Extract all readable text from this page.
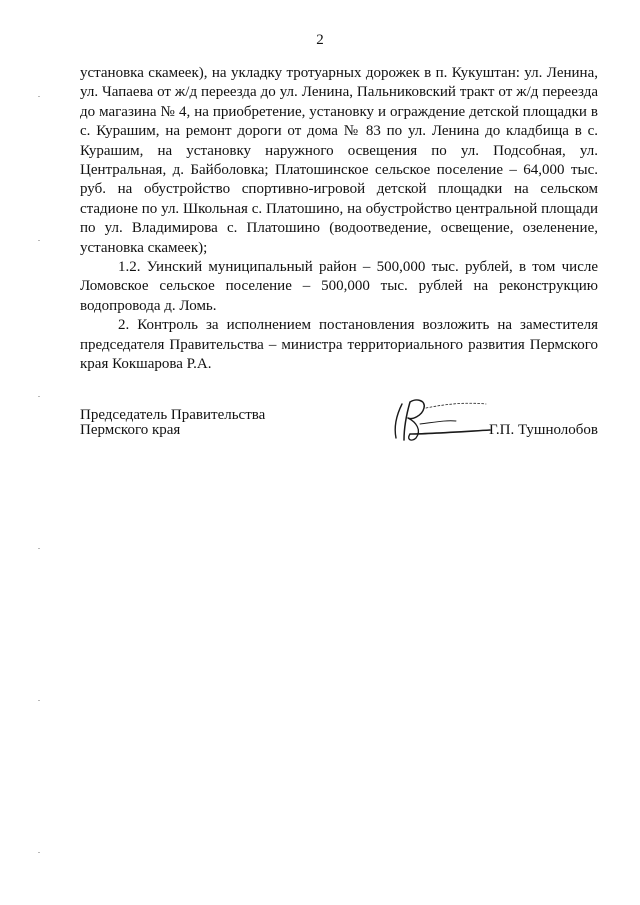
2

установка скамеек), на укладку тротуарных дорожек в п. Кукуштан: ул. Ленина, ул. Чапаева от ж/д переезда до ул. Ленина, Пальниковский тракт от ж/д переезда до магазина № 4, на приобретение, установку и ограждение детской площадки в с. Курашим, на ремонт дороги от дома № 83 по ул. Ленина до кладбища в с. Курашим, на установку наружного освещения по ул. Подсобная, ул. Центральная, д. Байболовка; Платошинское сельское поселение – 64,000 тыс. руб. на обустройство спортивно-игровой детской площадки на сельском стадионе по ул. Школьная с. Платошино, на обустройство центральной площади по ул. Владимирова с. Платошино (водоотведение, освещение, озеленение, установка скамеек);

1.2. Уинский муниципальный район – 500,000 тыс. рублей, в том числе Ломовское сельское поселение – 500,000 тыс. рублей на реконструкцию водопровода д. Ломь.

2. Контроль за исполнением постановления возложить на заместителя председателя Правительства – министра территориального развития Пермского края Кокшарова Р.А.

Председатель Правительства
Пермского края	Г.П. Тушнолобов
